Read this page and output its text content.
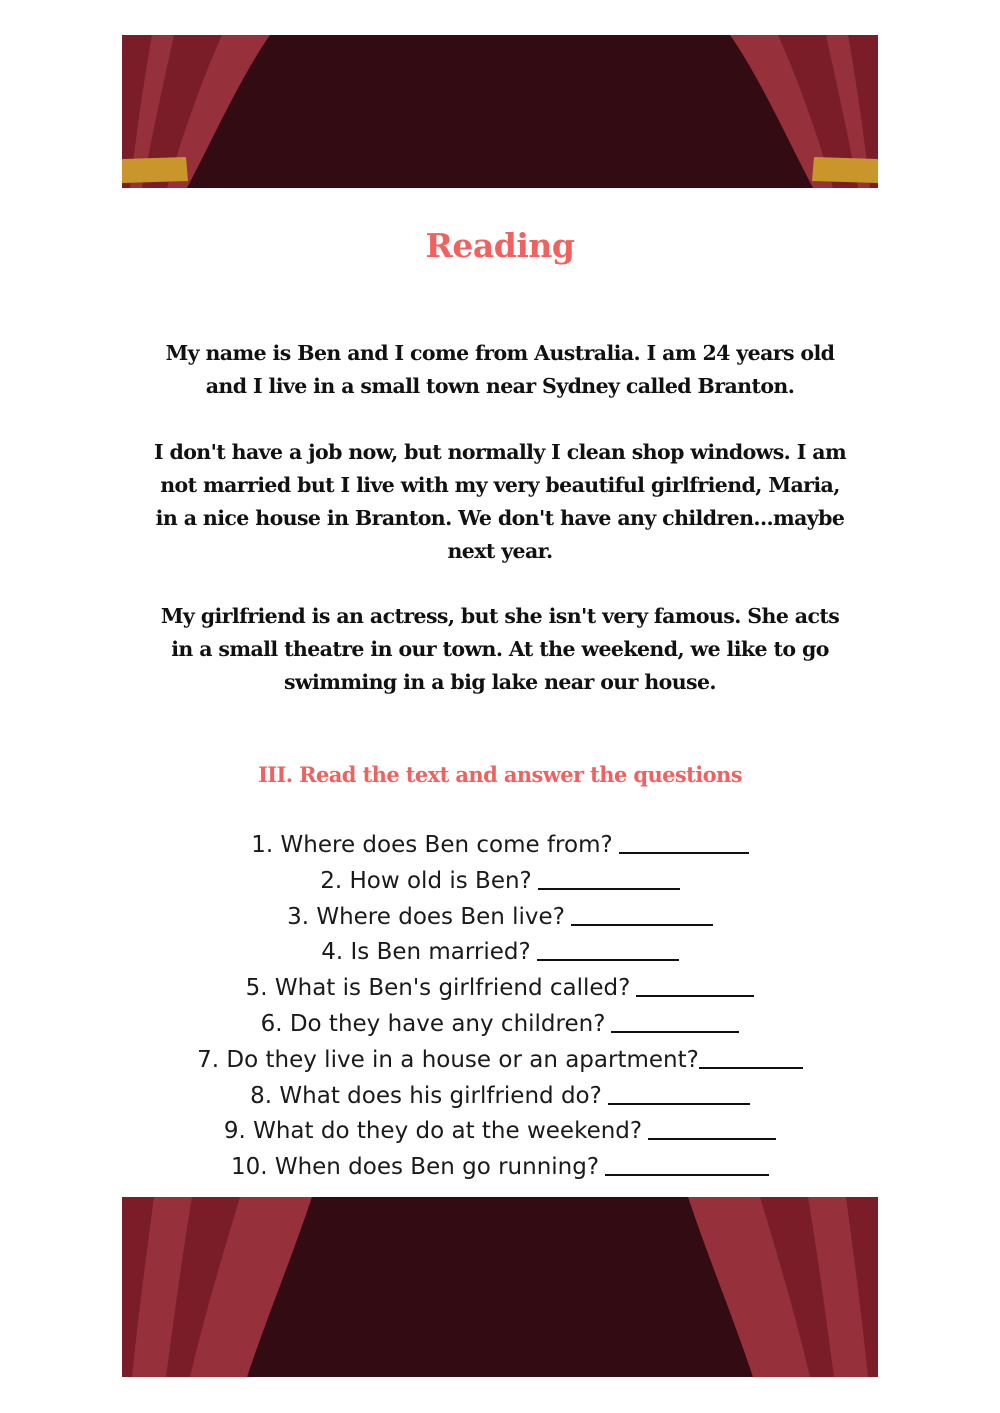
Reading

My name is Ben and I come from Australia. I am 24 years old and I live in a small town near Sydney called Branton.

I don't have a job now, but normally I clean shop windows. I am not married but I live with my very beautiful girlfriend, Maria, in a nice house in Branton. We don't have any children...maybe next year.

My girlfriend is an actress, but she isn't very famous. She acts in a small theatre in our town. At the weekend, we like to go swimming in a big lake near our house.

III. Read the text and answer the questions
1. Where does Ben come from?
2. How old is Ben?
3. Where does Ben live?
4. Is Ben married?
5. What is Ben's girlfriend called?
6. Do they have any children?
7. Do they live in a house or an apartment?
8. What does his girlfriend do?
9. What do they do at the weekend?
10. When does Ben go running?
